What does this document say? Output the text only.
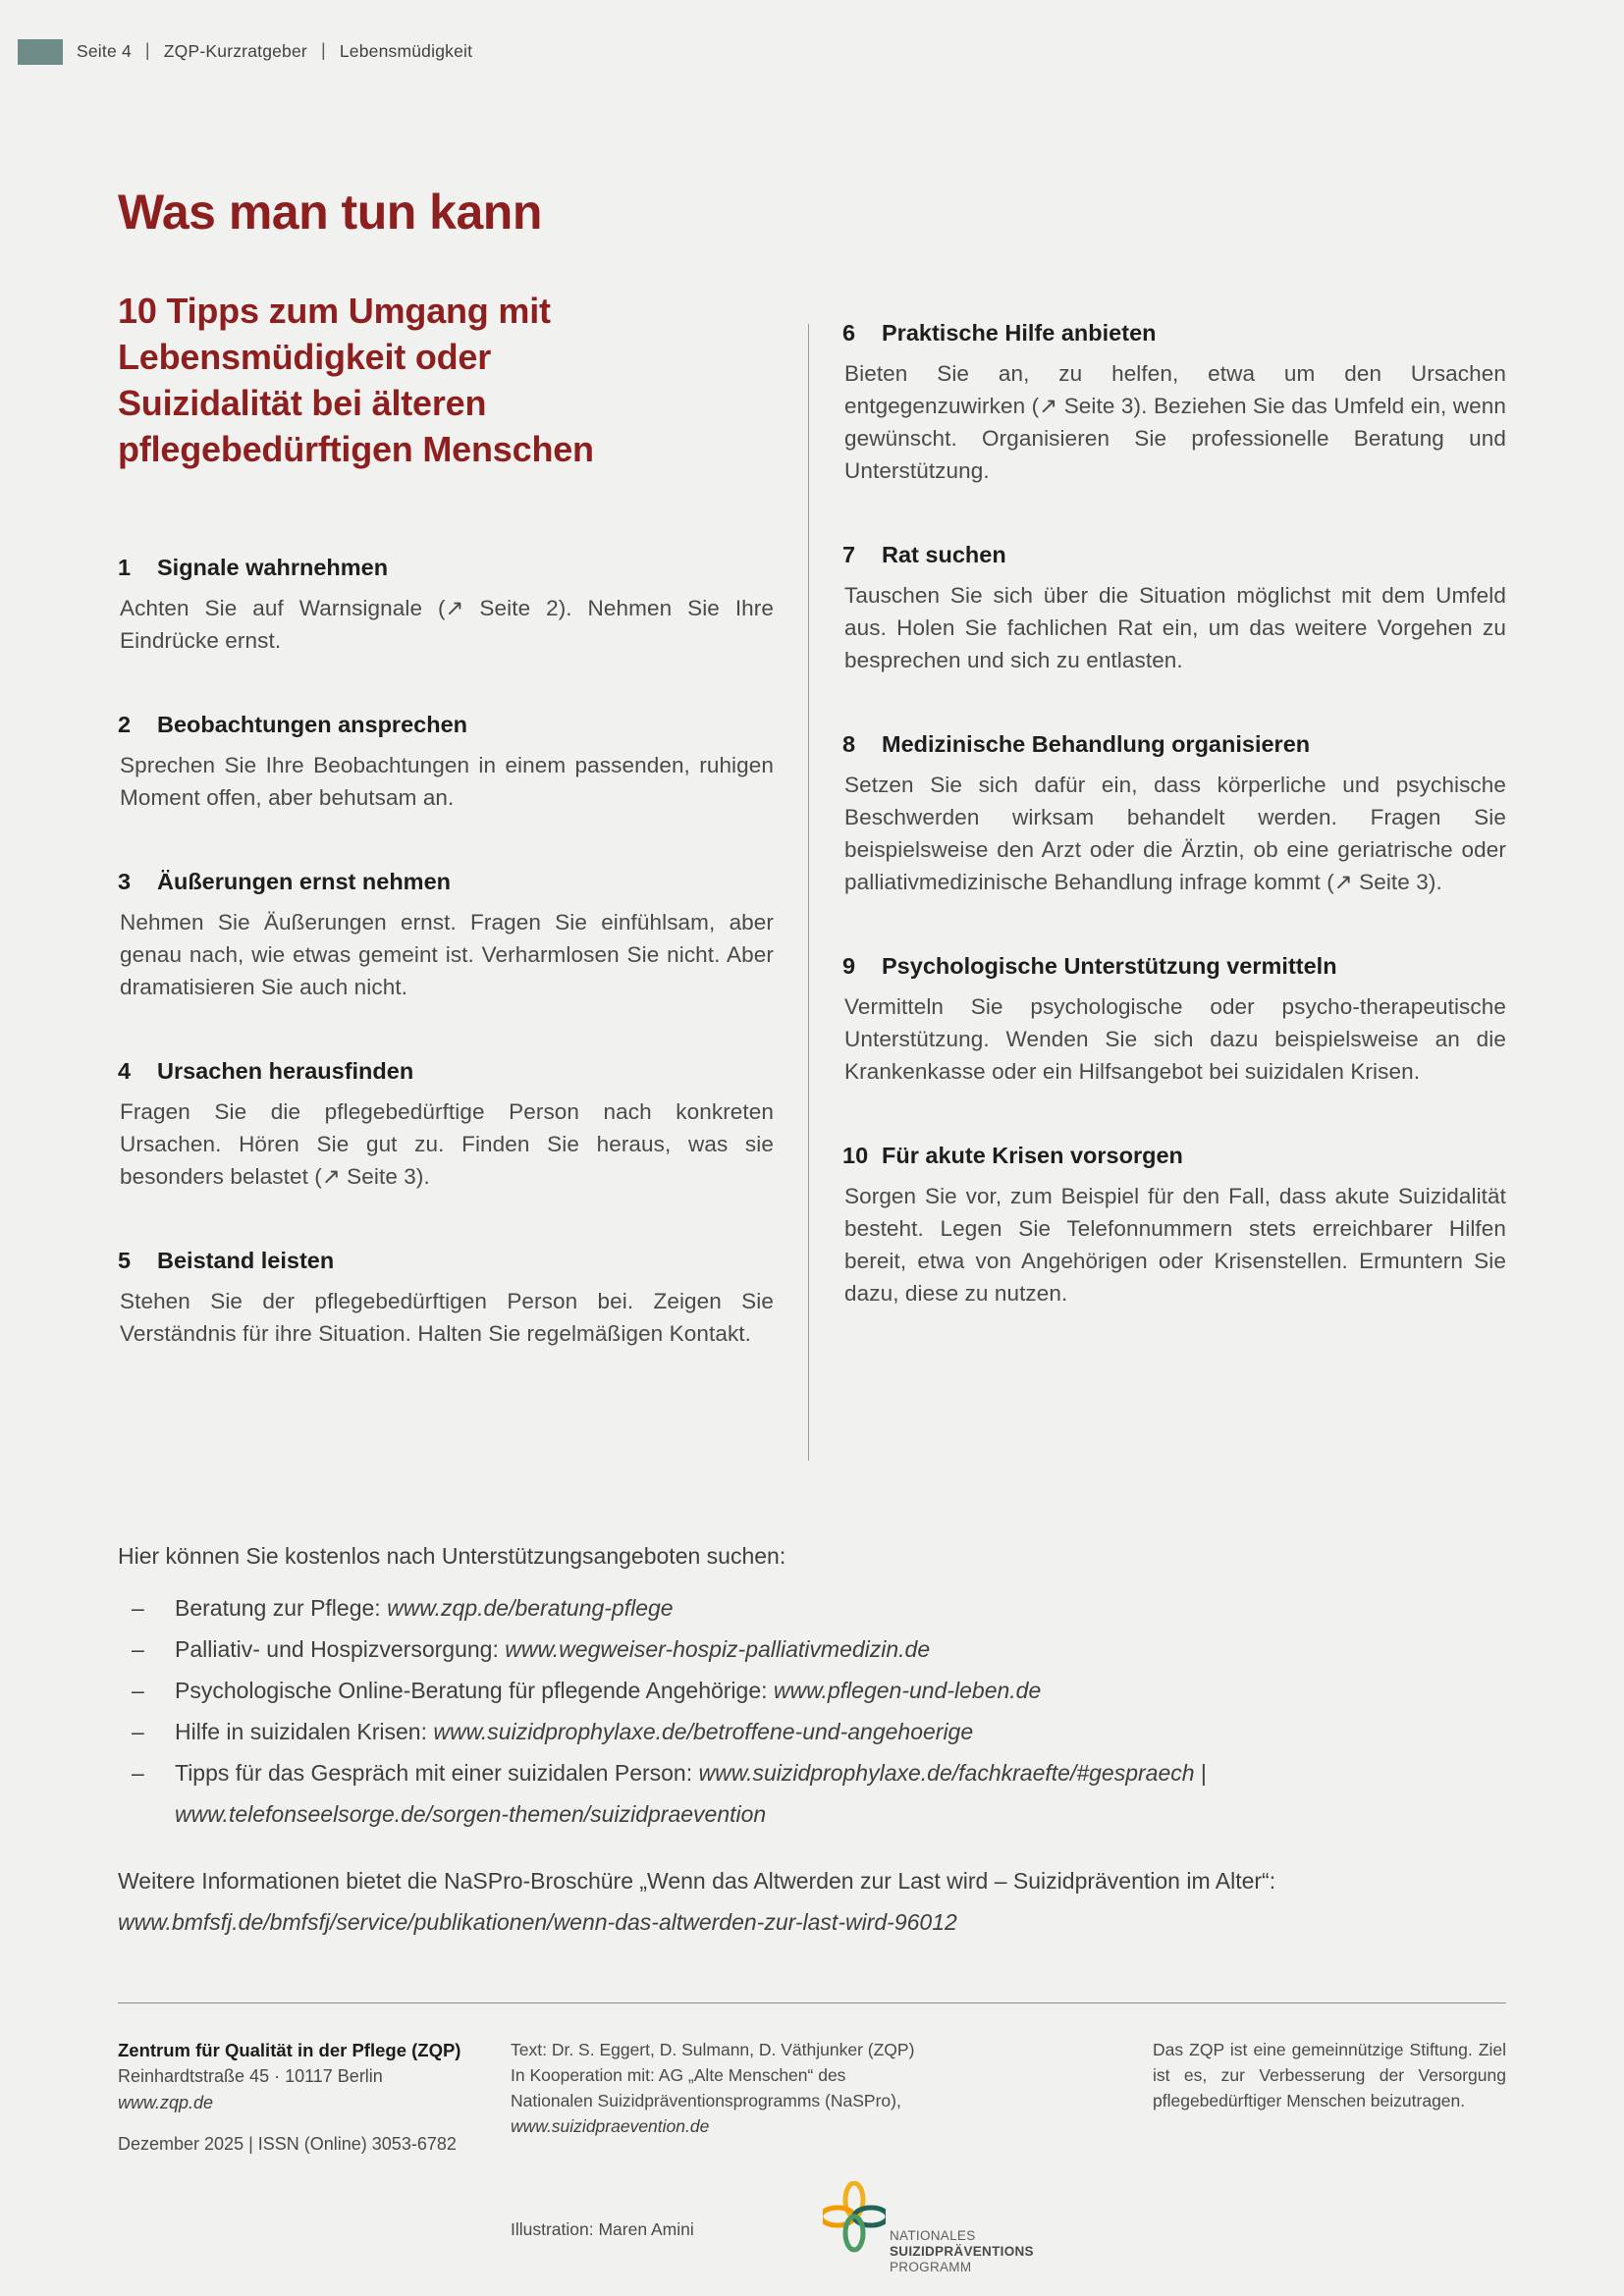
Seite 4 | ZQP-Kurzratgeber | Lebensmüdigkeit
Was man tun kann
10 Tipps zum Umgang mit
Lebensmüdigkeit oder
Suizidalität bei älteren
pflegebedürftigen Menschen
1	Signale wahrnehmen

Achten Sie auf Warnsignale (↗ Seite 2). Nehmen Sie Ihre Eindrücke ernst.

2	Beobachtungen ansprechen

Sprechen Sie Ihre Beobachtungen in einem passenden, ruhigen Moment offen, aber behutsam an.

3	Äußerungen ernst nehmen

Nehmen Sie Äußerungen ernst. Fragen Sie einfühlsam, aber genau nach, wie etwas gemeint ist. Verharmlosen Sie nicht. Aber dramatisieren Sie auch nicht.

4	Ursachen herausfinden

Fragen Sie die pflegebedürftige Person nach konkreten Ursachen. Hören Sie gut zu. Finden Sie heraus, was sie besonders belastet (↗ Seite 3).

5	Beistand leisten

Stehen Sie der pflegebedürftigen Person bei. Zeigen Sie Verständnis für ihre Situation. Halten Sie regelmäßigen Kontakt.

6	Praktische Hilfe anbieten

Bieten Sie an, zu helfen, etwa um den Ursachen entgegenzuwirken (↗ Seite 3). Beziehen Sie das Umfeld ein, wenn gewünscht. Organisieren Sie professionelle Beratung und Unterstützung.

7	Rat suchen

Tauschen Sie sich über die Situation möglichst mit dem Umfeld aus. Holen Sie fachlichen Rat ein, um das weitere Vorgehen zu besprechen und sich zu entlasten.

8	Medizinische Behandlung organisieren

Setzen Sie sich dafür ein, dass körperliche und psychische Beschwerden wirksam behandelt werden. Fragen Sie beispielsweise den Arzt oder die Ärztin, ob eine geriatrische oder palliativmedizinische Behandlung infrage kommt (↗ Seite 3).

9	Psychologische Unterstützung vermitteln

Vermitteln Sie psychologische oder psycho-therapeutische Unterstützung. Wenden Sie sich dazu beispielsweise an die Krankenkasse oder ein Hilfsangebot bei suizidalen Krisen.

10 Für akute Krisen vorsorgen

Sorgen Sie vor, zum Beispiel für den Fall, dass akute Suizidalität besteht. Legen Sie Telefonnummern stets erreichbarer Hilfen bereit, etwa von Angehörigen oder Krisenstellen. Ermuntern Sie dazu, diese zu nutzen.

Hier können Sie kostenlos nach Unterstützungsangeboten suchen:

–	Beratung zur Pflege: www.zqp.de/beratung-pflege
–	Palliativ- und Hospizversorgung: www.wegweiser-hospiz-palliativmedizin.de
–	Psychologische Online-Beratung für pflegende Angehörige: www.pflegen-und-leben.de
–	Hilfe in suizidalen Krisen: www.suizidprophylaxe.de/betroffene-und-angehoerige
–	Tipps für das Gespräch mit einer suizidalen Person: www.suizidprophylaxe.de/fachkraefte/#gespraech |
www.telefonseelsorge.de/sorgen-themen/suizidpraevention

Weitere Informationen bietet die NaSPro-Broschüre „Wenn das Altwerden zur Last wird – Suizidprävention im Alter“: www.bmfsfj.de/bmfsfj/service/publikationen/wenn-das-altwerden-zur-last-wird-96012

Zentrum für Qualität in der Pflege (ZQP)
Reinhardtstraße 45 · 10117 Berlin
www.zqp.de
Dezember 2025 | ISSN (Online) 3053-6782
Text: Dr. S. Eggert, D. Sulmann, D. Väthjunker (ZQP)
In Kooperation mit: AG „Alte Menschen“ des
Nationalen Suizidpräventionsprogramms (NaSPro),
www.suizidpraevention.de
Illustration: Maren Amini	NATIONALES
SUIZIDPRÄVENTIONS
PROGRAMM
Das ZQP ist eine gemeinnützige Stiftung. Ziel ist es, zur Verbesserung der Versorgung pflegebedürftiger Menschen beizutragen.
